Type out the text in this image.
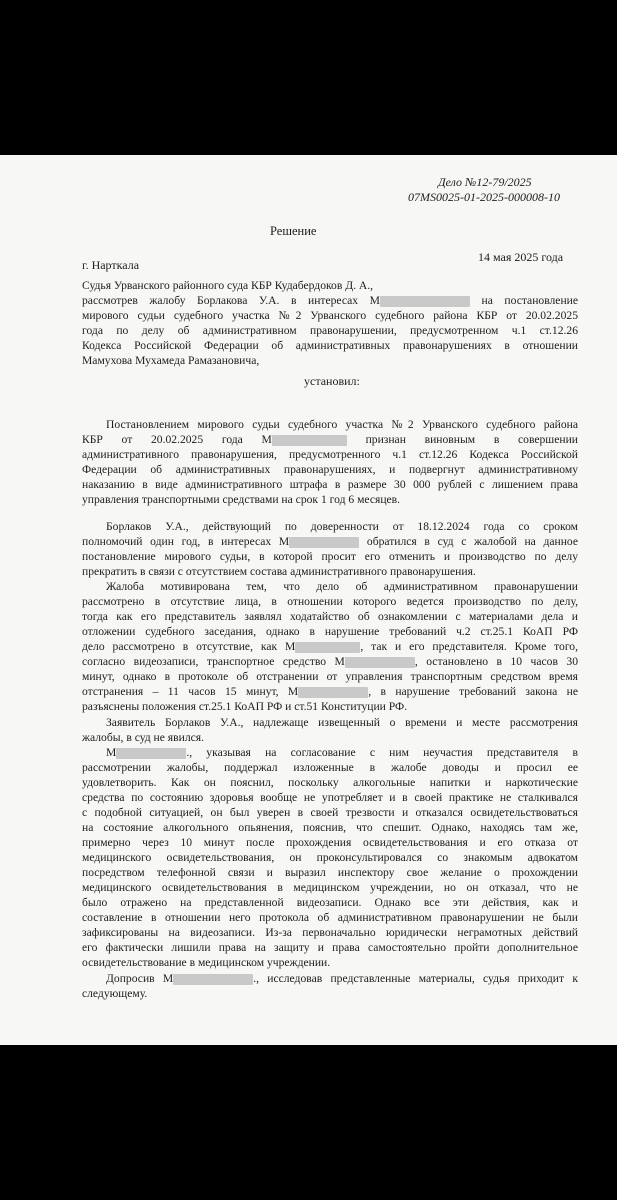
Дело №12-79/2025
07MS0025-01-2025-000008-10
Решение
г. Нарткала
14 мая 2025 года
установил:
Судья Урванского районного суда КБР Кудабердоков Д. А.,
рассмотрев жалобу Борлакова У.А. в интересах М	на постановление
мирового судьи судебного участка №2 Урванского судебного района КБР от 20.02.2025
года по делу об административном правонарушении, предусмотренном ч.1 ст.12.26
Кодекса Российской Федерации об административных правонарушениях в отношении
Мамухова Мухамеда Рамазановича,
Постановлением мирового судьи судебного участка №2 Урванского судебного района
КБР от 20.02.2025 года М	признан виновным в совершении
административного правонарушения, предусмотренного ч.1 ст.12.26 Кодекса Российской
Федерации об административных правонарушениях, и подвергнут административному
наказанию в виде административного штрафа в размере 30 000 рублей с лишением права
управления транспортными средствами на срок 1 год 6 месяцев.
Борлаков У.А., действующий по доверенности от 18.12.2024 года со сроком
полномочий один год, в интересах М	обратился в суд с жалобой на данное
постановление мирового судьи, в которой просит его отменить и производство по делу
прекратить в связи с отсутствием состава административного правонарушения.
Жалоба мотивирована тем, что дело об административном правонарушении
рассмотрено в отсутствие лица, в отношении которого ведется производство по делу,
тогда как его представитель заявлял ходатайство об ознакомлении с материалами дела и
отложении судебного заседания, однако в нарушение требований ч.2 ст.25.1 КоАП РФ
дело рассмотрено в отсутствие, как М	, так и его представителя. Кроме того,
согласно видеозаписи, транспортное средство М	, остановлено в 10 часов 30
минут, однако в протоколе об отстранении от управления транспортным средством время
отстранения – 11 часов 15 минут, М	, в нарушение требований закона не
разъяснены положения ст.25.1 КоАП РФ и ст.51 Конституции РФ.
Заявитель Борлаков У.А., надлежаще извещенный о времени и месте рассмотрения
жалобы, в суд не явился.
М	., указывая на согласование с ним неучастия представителя в
рассмотрении жалобы, поддержал изложенные в жалобе доводы и просил ее
удовлетворить. Как он пояснил, поскольку алкогольные напитки и наркотические
средства по состоянию здоровья вообще не употребляет и в своей практике не сталкивался
с подобной ситуацией, он был уверен в своей трезвости и отказался освидетельствоваться
на состояние алкогольного опьянения, пояснив, что спешит. Однако, находясь там же,
примерно через 10 минут после прохождения освидетельствования и его отказа от
медицинского освидетельствования, он проконсультировался со знакомым адвокатом
посредством телефонной связи и выразил инспектору свое желание о прохождении
медицинского освидетельствования в медицинском учреждении, но он отказал, что не
было отражено на представленной видеозаписи. Однако все эти действия, как и
составление в отношении него протокола об административном правонарушении не были
зафиксированы на видеозаписи. Из-за первоначально юридически неграмотных действий
его фактически лишили права на защиту и права самостоятельно пройти дополнительное
освидетельствование в медицинском учреждении.
Допросив М	., исследовав представленные материалы, судья приходит к
следующему.
